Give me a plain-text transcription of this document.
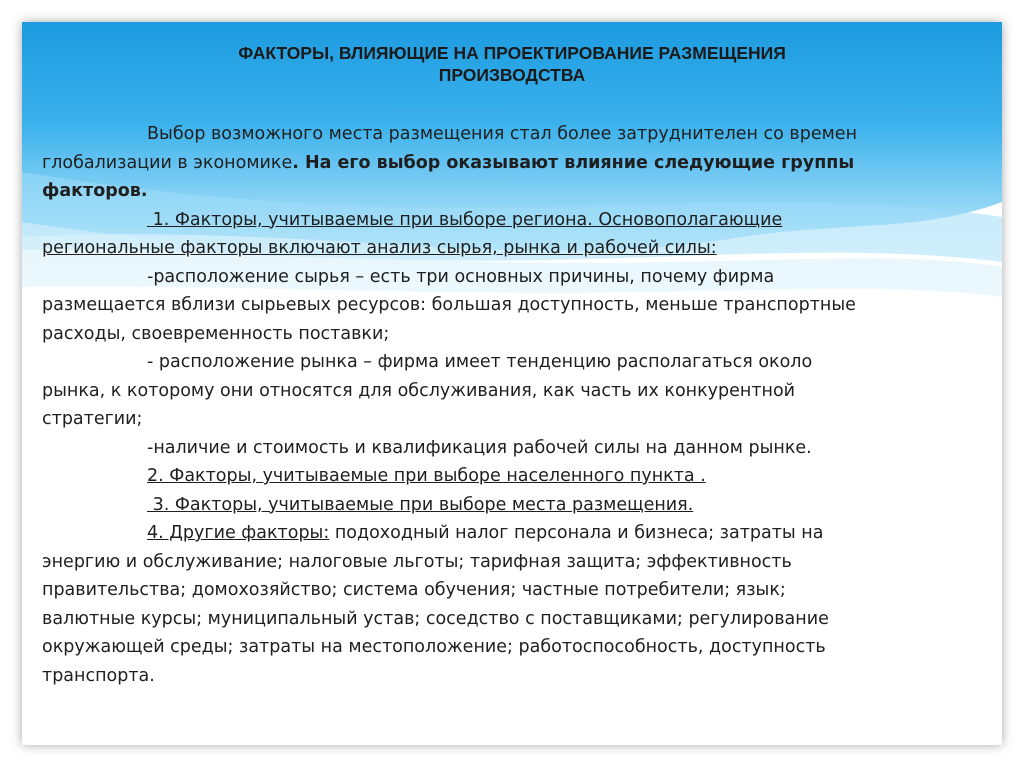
ФАКТОРЫ, ВЛИЯЮЩИЕ НА ПРОЕКТИРОВАНИЕ РАЗМЕЩЕНИЯ
ПРОИЗВОДСТВА
Выбор возможного места размещения стал более затруднителен со времен
глобализации в экономике. На его выбор оказывают влияние следующие группы
факторов.
1. Факторы, учитываемые при выборе региона. Основополагающие
региональные факторы включают анализ сырья, рынка и рабочей силы:
-расположение сырья – есть три основных причины, почему фирма
размещается вблизи сырьевых ресурсов: большая доступность, меньше транспортные
расходы, своевременность поставки;
- расположение рынка – фирма имеет тенденцию располагаться около
рынка, к которому они относятся для обслуживания, как часть их конкурентной
стратегии;
-наличие и стоимость и квалификация рабочей силы на данном рынке.
2. Факторы, учитываемые при выборе населенного пункта .
3. Факторы, учитываемые при выборе места размещения.
4. Другие факторы: подоходный налог персонала и бизнеса; затраты на
энергию и обслуживание; налоговые льготы; тарифная защита; эффективность
правительства; домохозяйство; система обучения; частные потребители; язык;
валютные курсы; муниципальный устав; соседство с поставщиками; регулирование
окружающей среды; затраты на местоположение; работоспособность, доступность
транспорта.
